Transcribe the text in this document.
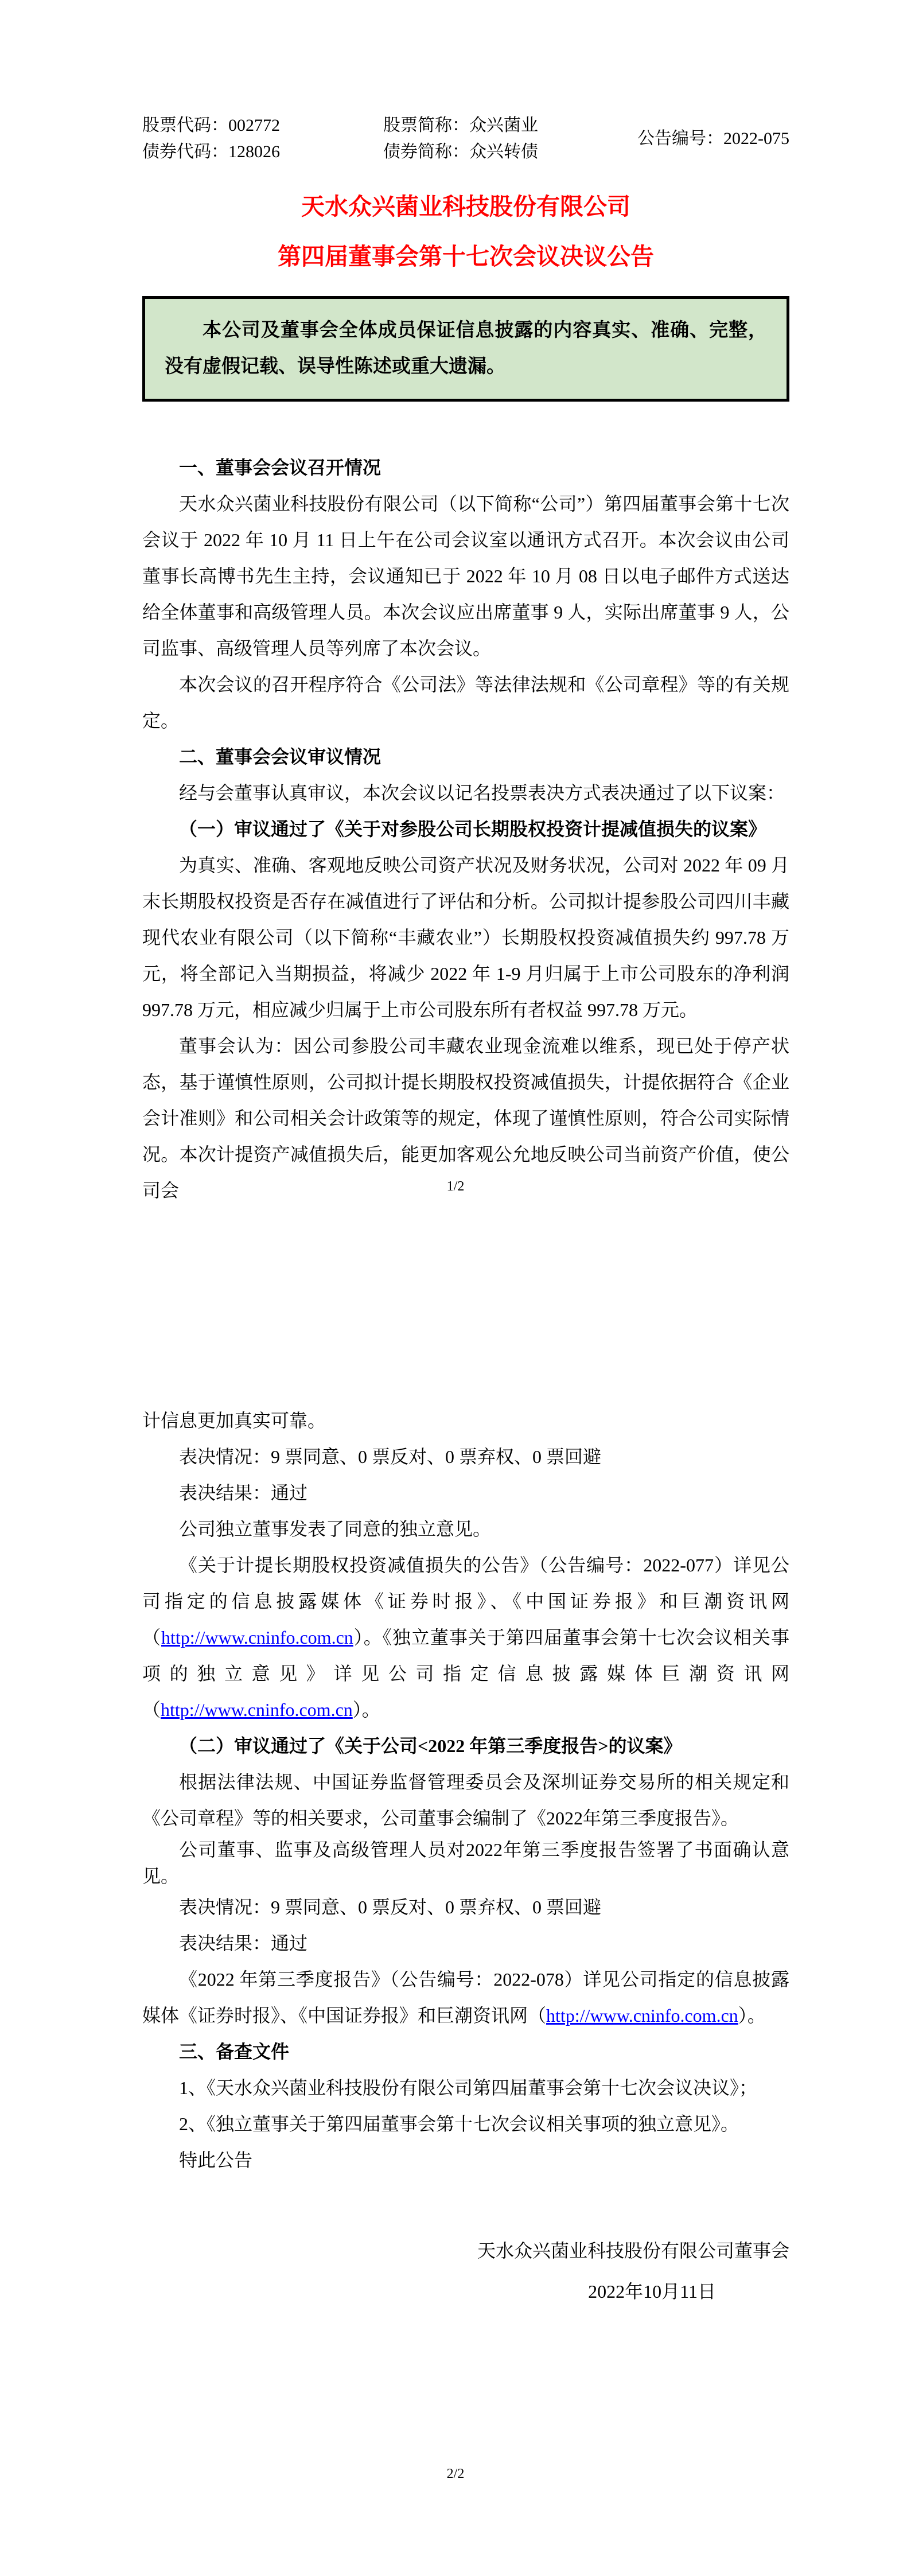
股票代码：002772
债券代码：128026
股票简称：众兴菌业
债券简称：众兴转债
公告编号：2022-075
天水众兴菌业科技股份有限公司
第四届董事会第十七次会议决议公告

本公司及董事会全体成员保证信息披露的内容真实、准确、完整，没有虚假记载、误导性陈述或重大遗漏。

一、董事会会议召开情况

天水众兴菌业科技股份有限公司（以下简称“公司”）第四届董事会第十七次会议于 2022 年 10 月 11 日上午在公司会议室以通讯方式召开。本次会议由公司董事长高博书先生主持，会议通知已于 2022 年 10 月 08 日以电子邮件方式送达给全体董事和高级管理人员。本次会议应出席董事 9 人，实际出席董事 9 人，公司监事、高级管理人员等列席了本次会议。

本次会议的召开程序符合《公司法》等法律法规和《公司章程》等的有关规定。

二、董事会会议审议情况

经与会董事认真审议，本次会议以记名投票表决方式表决通过了以下议案：

（一）审议通过了《关于对参股公司长期股权投资计提减值损失的议案》

为真实、准确、客观地反映公司资产状况及财务状况，公司对 2022 年 09 月末长期股权投资是否存在减值进行了评估和分析。公司拟计提参股公司四川丰藏现代农业有限公司（以下简称“丰藏农业”）长期股权投资减值损失约 997.78 万元，将全部记入当期损益，将减少 2022 年 1-9 月归属于上市公司股东的净利润 997.78 万元，相应减少归属于上市公司股东所有者权益 997.78 万元。

董事会认为：因公司参股公司丰藏农业现金流难以维系，现已处于停产状态，基于谨慎性原则，公司拟计提长期股权投资减值损失，计提依据符合《企业会计准则》和公司相关会计政策等的规定，体现了谨慎性原则，符合公司实际情况。本次计提资产减值损失后，能更加客观公允地反映公司当前资产价值，使公司会	1/2

计信息更加真实可靠。

表决情况：9 票同意、0 票反对、0 票弃权、0 票回避

表决结果：通过

公司独立董事发表了同意的独立意见。

《关于计提长期股权投资减值损失的公告》（公告编号：2022-077）详见公司指定的信息披露媒体《证券时报》、《中国证券报》和巨潮资讯网（http://www.cninfo.com.cn）。《独立董事关于第四届董事会第十七次会议相关事项的独立意见》详见公司指定信息披露媒体巨潮资讯网（http://www.cninfo.com.cn）。

（二）审议通过了《关于公司<2022 年第三季度报告>的议案》

根据法律法规、中国证券监督管理委员会及深圳证券交易所的相关规定和《公司章程》等的相关要求，公司董事会编制了《2022年第三季度报告》。

公司董事、监事及高级管理人员对2022年第三季度报告签署了书面确认意见。

表决情况：9 票同意、0 票反对、0 票弃权、0 票回避

表决结果：通过

《2022 年第三季度报告》（公告编号：2022-078）详见公司指定的信息披露媒体《证券时报》、《中国证券报》和巨潮资讯网（http://www.cninfo.com.cn）。

三、备查文件

1、《天水众兴菌业科技股份有限公司第四届董事会第十七次会议决议》；

2、《独立董事关于第四届董事会第十七次会议相关事项的独立意见》。

特此公告

天水众兴菌业科技股份有限公司董事会

2022年10月11日

2/2
